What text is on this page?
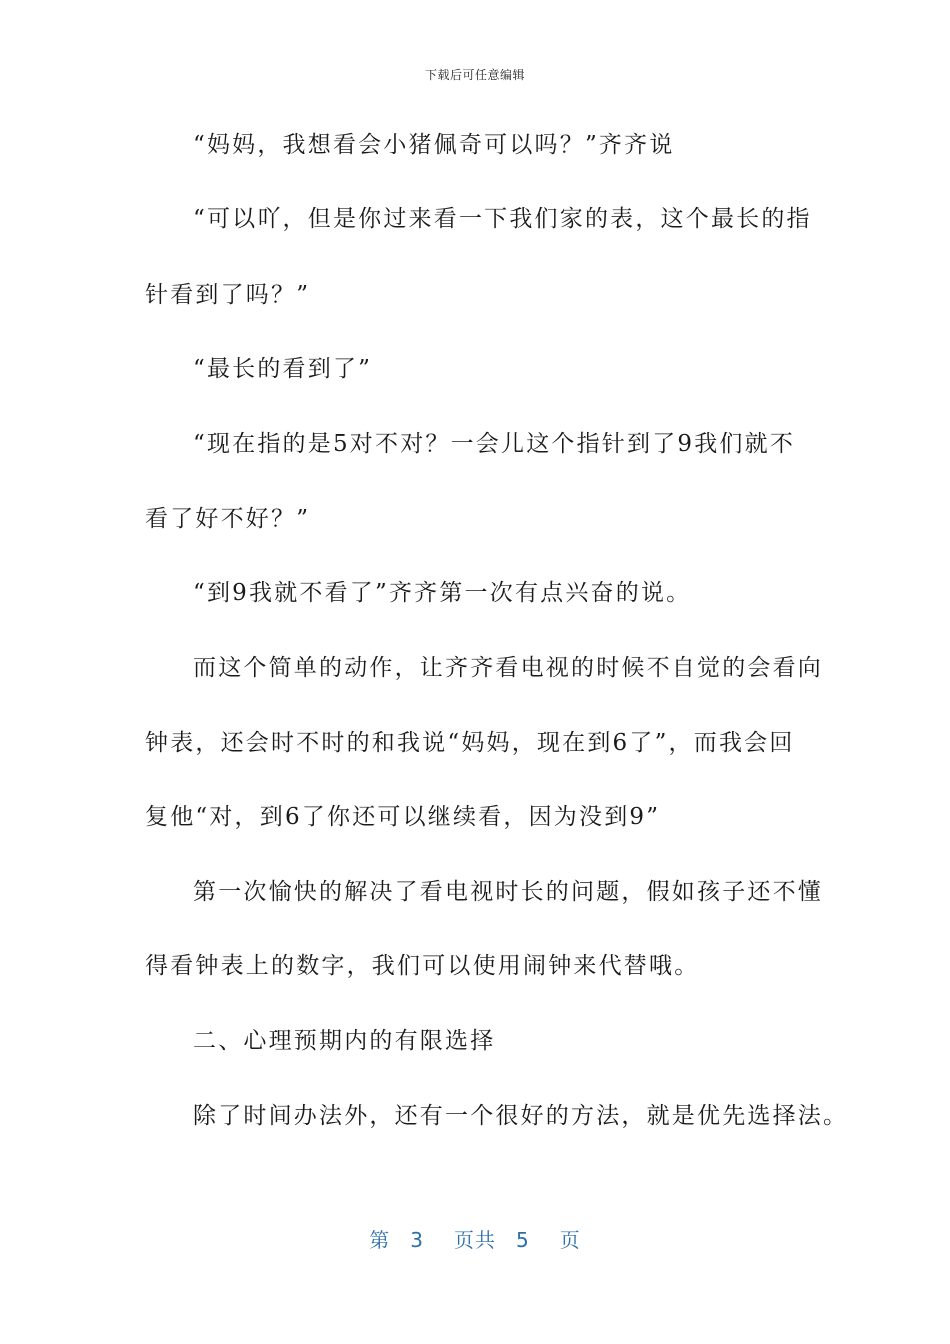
下载后可任意编辑
“妈妈，我想看会小猪佩奇可以吗？”齐齐说
“可以吖，但是你过来看一下我们家的表，这个最长的指
针看到了吗？”
“最长的看到了”
“现在指的是5对不对？一会儿这个指针到了9我们就不
看了好不好？”
“到9我就不看了”齐齐第一次有点兴奋的说。
而这个简单的动作，让齐齐看电视的时候不自觉的会看向
钟表，还会时不时的和我说“妈妈，现在到6了”，而我会回
复他“对，到6了你还可以继续看，因为没到9”
第一次愉快的解决了看电视时长的问题，假如孩子还不懂
得看钟表上的数字，我们可以使用闹钟来代替哦。
二、心理预期内的有限选择
除了时间办法外，还有一个很好的方法，就是优先选择法。
第 3 页共 5 页
